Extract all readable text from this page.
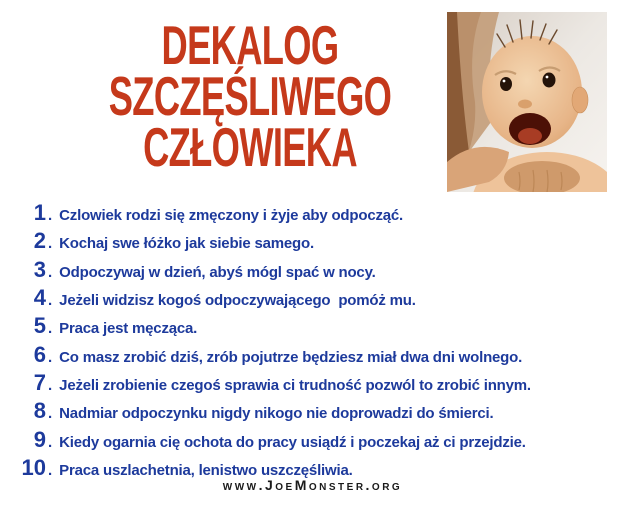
DEKALOG
SZCZĘŚLIWEGO
CZŁOWIEKA
1 . Czlowiek rodzi się zmęczony i żyje aby odpocząć.
2 . Kochaj swe łóżko jak siebie samego.
3 . Odpoczywaj w dzień, abyś mógl spać w nocy.
4 . Jeżeli widzisz kogoś odpoczywającego  pomóż mu.
5 . Praca jest męcząca.
6 . Co masz zrobić dziś, zrób pojutrze będziesz miał dwa dni wolnego.
7 . Jeżeli zrobienie czegoś sprawia ci trudność pozwól to zrobić innym.
8 . Nadmiar odpoczynku nigdy nikogo nie doprowadzi do śmierci.
9 . Kiedy ogarnia cię ochota do pracy usiądź i poczekaj aż ci przejdzie.
10 . Praca uszlachetnia, lenistwo uszczęśliwia.
www.JoeMonster.org
